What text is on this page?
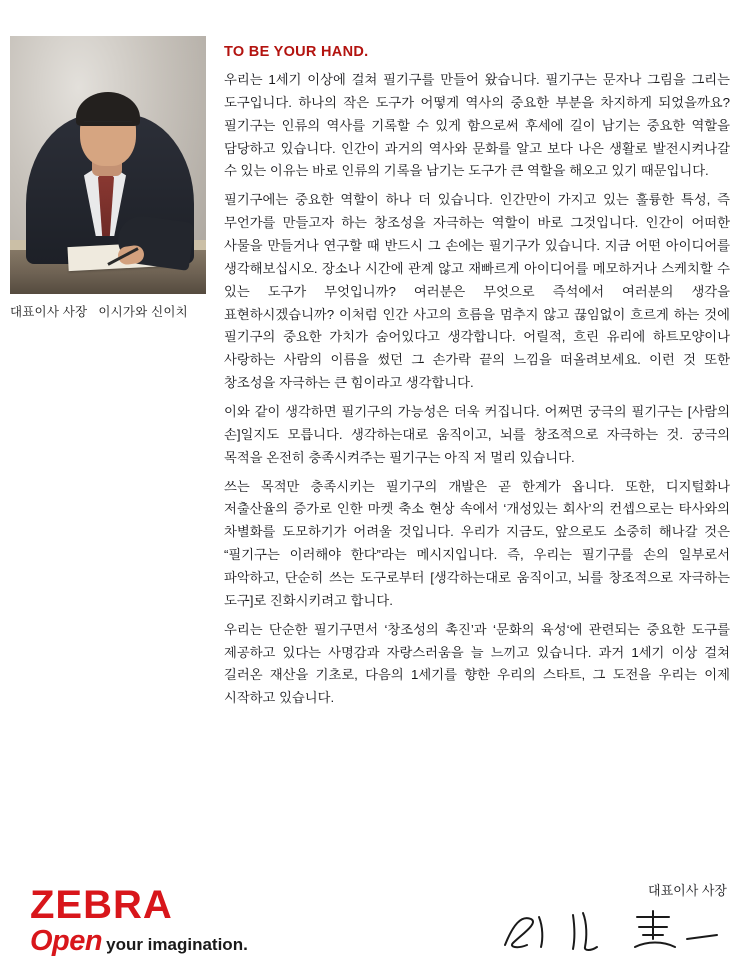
대표이사 사장   이시가와 신이치
TO BE YOUR HAND.

우리는 1세기 이상에 걸쳐 필기구를 만들어 왔습니다. 필기구는 문자나 그림을 그리는 도구입니다. 하나의 작은 도구가 어떻게 역사의 중요한 부분을 차지하게 되었을까요? 필기구는 인류의 역사를 기록할 수 있게 함으로써 후세에 길이 남기는 중요한 역할을 담당하고 있습니다. 인간이 과거의 역사와 문화를 알고 보다 나은 생활로 발전시켜나갈 수 있는 이유는 바로 인류의 기록을 남기는 도구가 큰 역할을 해오고 있기 때문입니다.

필기구에는 중요한 역할이 하나 더 있습니다. 인간만이 가지고 있는 훌륭한 특성, 즉 무언가를 만들고자 하는 창조성을 자극하는 역할이 바로 그것입니다. 인간이 어떠한 사물을 만들거나 연구할 때 반드시 그 손에는 필기구가 있습니다. 지금 어떤 아이디어를 생각해보십시오. 장소나 시간에 관계 않고 재빠르게 아이디어를 메모하거나 스케치할 수 있는 도구가 무엇입니까? 여러분은 무엇으로 즉석에서 여러분의 생각을 표현하시겠습니까? 이처럼 인간 사고의 흐름을 멈추지 않고 끊임없이 흐르게 하는 것에 필기구의 중요한 가치가 숨어있다고 생각합니다. 어릴적, 흐린 유리에 하트모양이나 사랑하는 사람의 이름을 썼던 그 손가락 끝의 느낌을 떠올려보세요. 이런 것 또한 창조성을 자극하는 큰 힘이라고 생각합니다.

이와 같이 생각하면 필기구의 가능성은 더욱 커집니다. 어쩌면 궁극의 필기구는 [사람의 손]일지도 모릅니다. 생각하는대로 움직이고, 뇌를 창조적으로 자극하는 것. 궁극의 목적을 온전히 충족시켜주는 필기구는 아직 저 멀리 있습니다.

쓰는 목적만 충족시키는 필기구의 개발은 곧 한계가 옵니다. 또한, 디지털화나 저출산율의 증가로 인한 마켓 축소 현상 속에서 ‘개성있는 회사’의 컨셉으로는 타사와의 차별화를 도모하기가 어려울 것입니다. 우리가 지금도, 앞으로도 소중히 해나갈 것은 “필기구는 이러해야 한다”라는 메시지입니다. 즉, 우리는 필기구를 손의 일부로서 파악하고, 단순히 쓰는 도구로부터 [생각하는대로 움직이고, 뇌를 창조적으로 자극하는 도구]로 진화시키려고 합니다.

우리는 단순한 필기구면서 ‘창조성의 촉진’과 ‘문화의 육성‘에 관련되는 중요한 도구를 제공하고 있다는 사명감과 자랑스러움을 늘 느끼고 있습니다. 과거 1세기 이상 걸쳐 길러온 재산을 기초로, 다음의 1세기를 향한 우리의 스타트, 그 도전을 우리는 이제 시작하고 있습니다.

대표이사 사장
ZEBRA
Open your imagination.
